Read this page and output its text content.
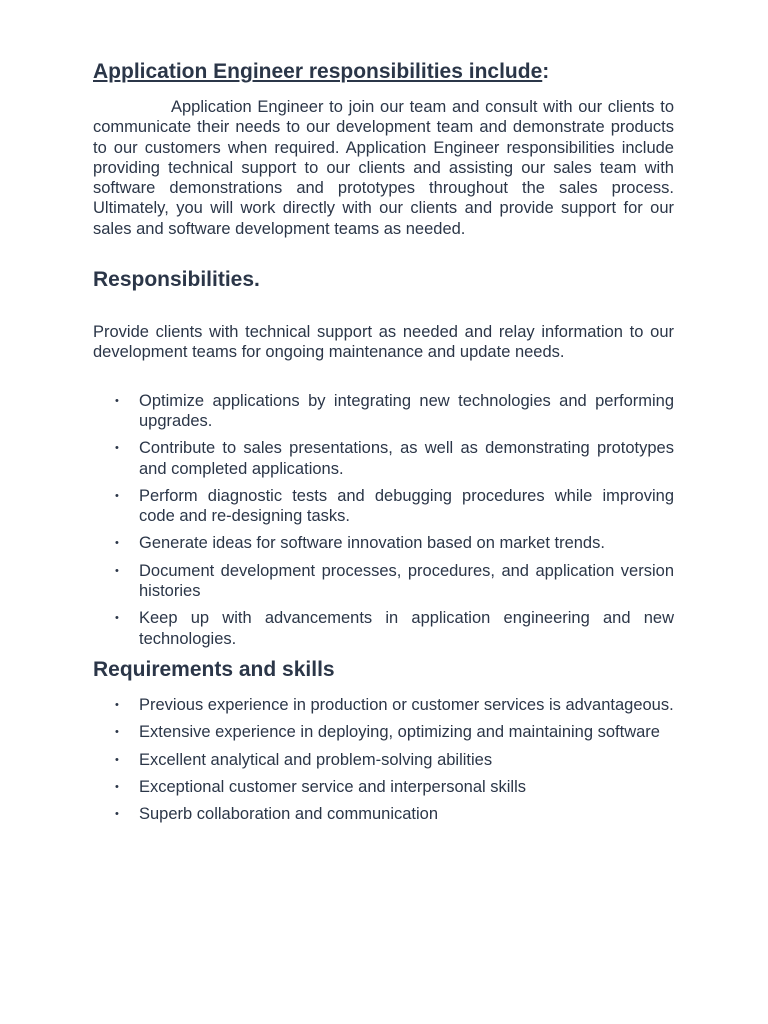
Application Engineer responsibilities include:

Application Engineer to join our team and consult with our clients to communicate their needs to our development team and demonstrate products to our customers when required. Application Engineer responsibilities include providing technical support to our clients and assisting our sales team with software demonstrations and prototypes throughout the sales process. Ultimately, you will work directly with our clients and provide support for our sales and software development teams as needed.

Responsibilities.

Provide clients with technical support as needed and relay information to our development teams for ongoing maintenance and update needs.

• Optimize applications by integrating new technologies and performing upgrades.
• Contribute to sales presentations, as well as demonstrating prototypes and completed applications.
• Perform diagnostic tests and debugging procedures while improving code and re-designing tasks.
• Generate ideas for software innovation based on market trends.
• Document development processes, procedures, and application version histories
• Keep up with advancements in application engineering and new technologies.
Requirements and skills
• Previous experience in production or customer services is advantageous.
• Extensive experience in deploying, optimizing and maintaining software
• Excellent analytical and problem-solving abilities
• Exceptional customer service and interpersonal skills
• Superb collaboration and communication
